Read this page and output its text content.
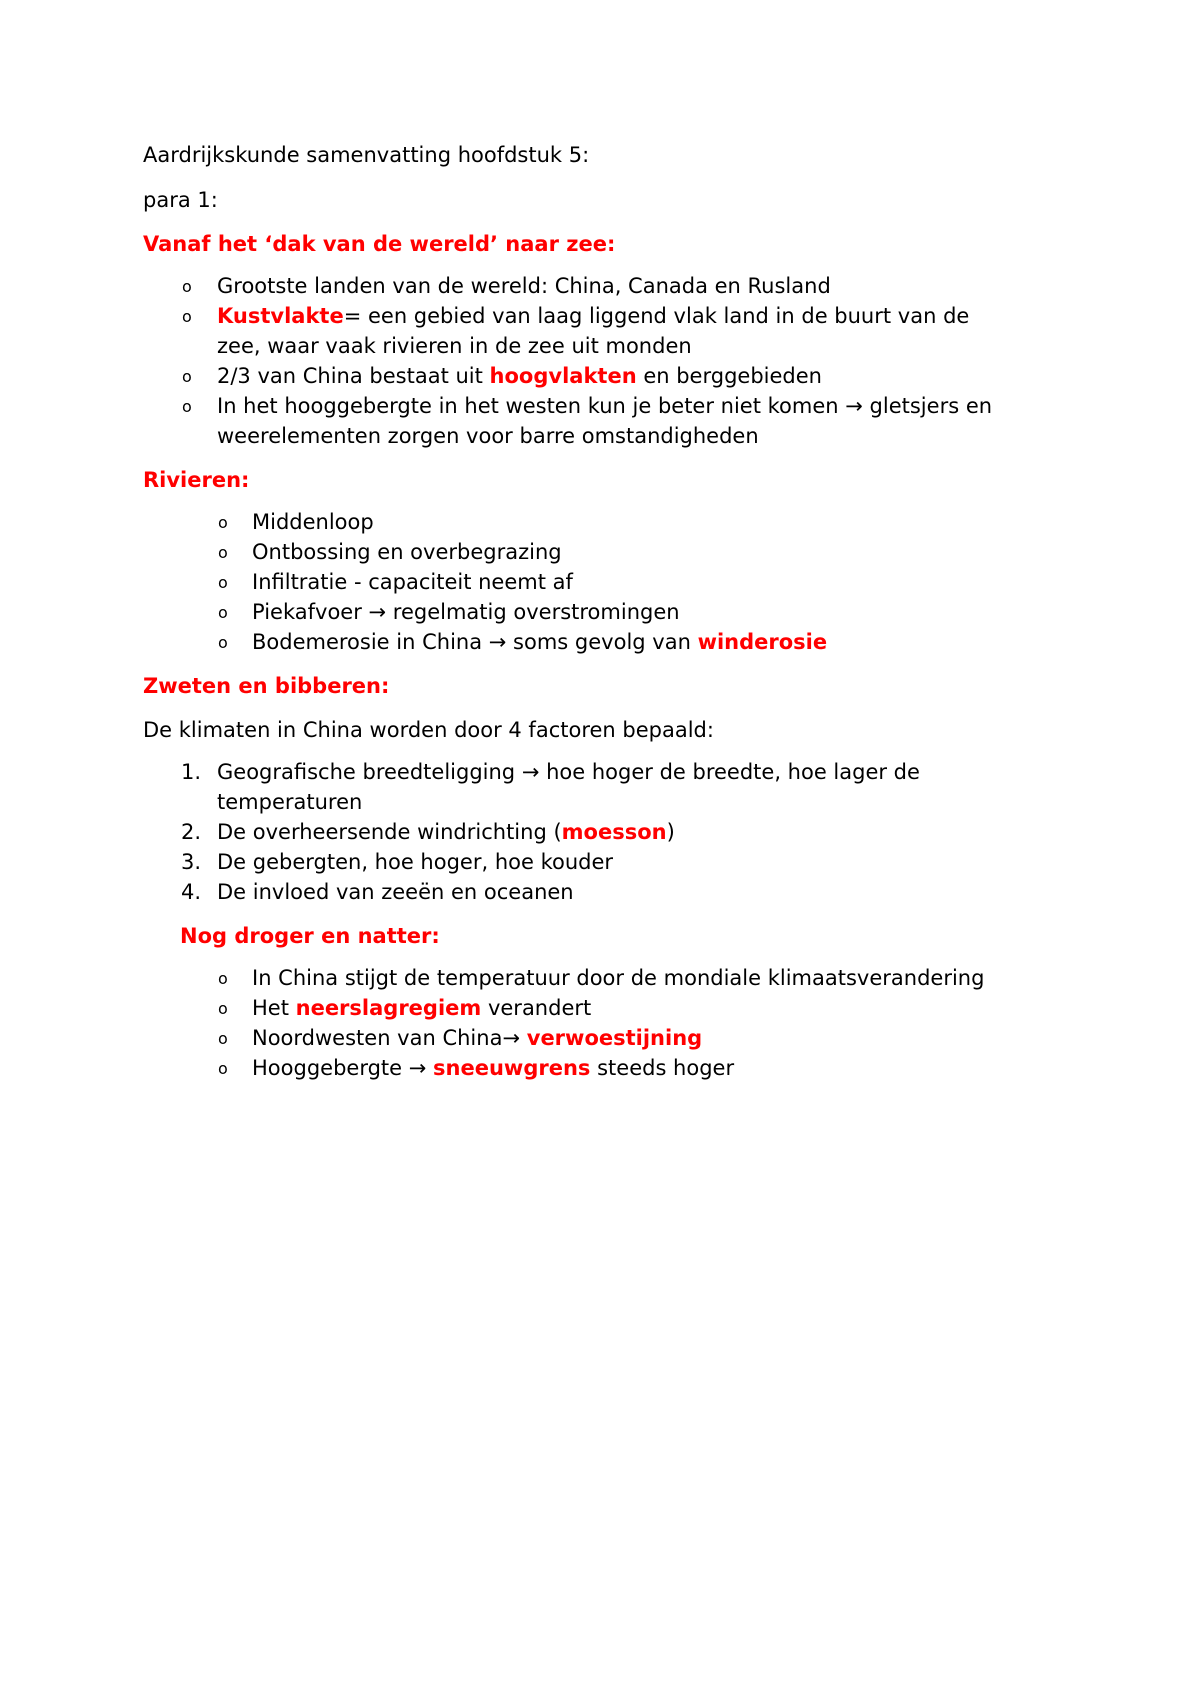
Aardrijkskunde samenvatting hoofdstuk 5:

para 1:

Vanaf het ‘dak van de wereld’ naar zee:
o Grootste landen van de wereld: China, Canada en Rusland
o Kustvlakte= een gebied van laag liggend vlak land in de buurt van de
zee, waar vaak rivieren in de zee uit monden
o 2/3 van China bestaat uit hoogvlakten en berggebieden
o In het hooggebergte in het westen kun je beter niet komen → gletsjers en
weerelementen zorgen voor barre omstandigheden
Rivieren:
o Middenloop
o Ontbossing en overbegrazing
o Infiltratie - capaciteit neemt af
o Piekafvoer → regelmatig overstromingen
o Bodemerosie in China → soms gevolg van winderosie
Zweten en bibberen:

De klimaten in China worden door 4 factoren bepaald:

1. Geografische breedteligging → hoe hoger de breedte, hoe lager de
temperaturen
2. De overheersende windrichting (moesson)
3. De gebergten, hoe hoger, hoe kouder
4. De invloed van zeeën en oceanen
Nog droger en natter:
o In China stijgt de temperatuur door de mondiale klimaatsverandering
o Het neerslagregiem verandert
o Noordwesten van China→ verwoestijning
o Hooggebergte → sneeuwgrens steeds hoger
